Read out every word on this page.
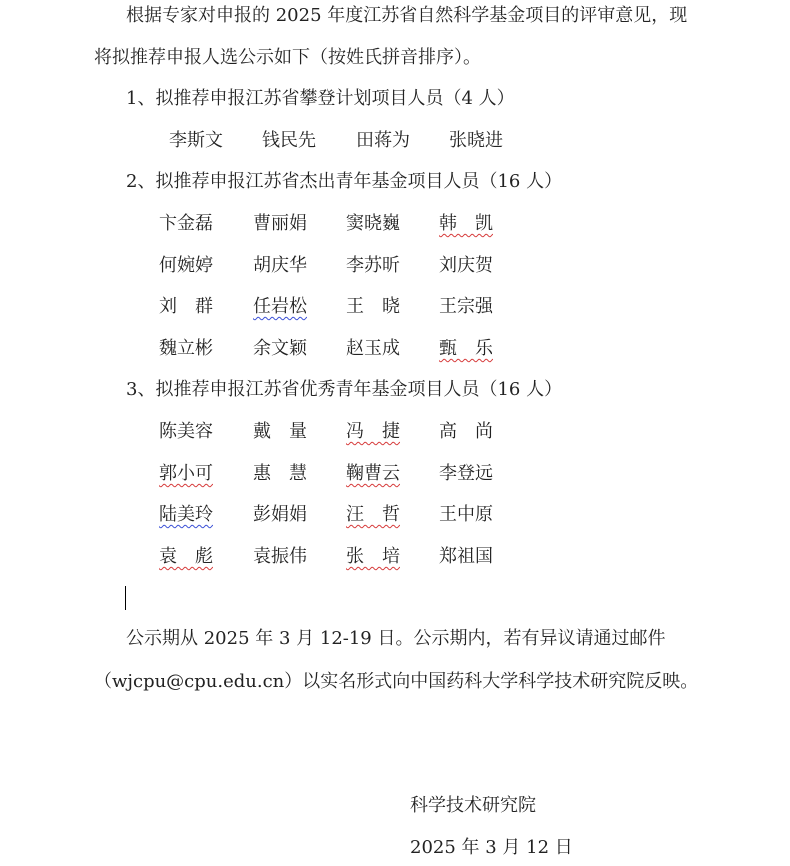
根据专家对申报的 2025 年度江苏省自然科学基金项目的评审意见，现
将拟推荐申报人选公示如下（按姓氏拼音排序）。
1、拟推荐申报江苏省攀登计划项目人员（4 人）
李斯文 钱民先 田蒋为 张晓进
2、拟推荐申报江苏省杰出青年基金项目人员（16 人）
卞金磊 曹丽娟 窦晓巍 韩　凯
何婉婷 胡庆华 李苏昕 刘庆贺
刘　群 任岩松 王　晓 王宗强
魏立彬 余文颖 赵玉成 甄　乐
3、拟推荐申报江苏省优秀青年基金项目人员（16 人）
陈美容 戴　量 冯　捷 高　尚
郭小可 惠　慧 鞠曹云 李登远
陆美玲 彭娟娟 汪　哲 王中原
袁　彪 袁振伟 张　培 郑祖国
公示期从 2025 年 3 月 12-19 日。公示期内，若有异议请通过邮件
（wjcpu@cpu.edu.cn）以实名形式向中国药科大学科学技术研究院反映。
科学技术研究院
2025 年 3 月 12 日
